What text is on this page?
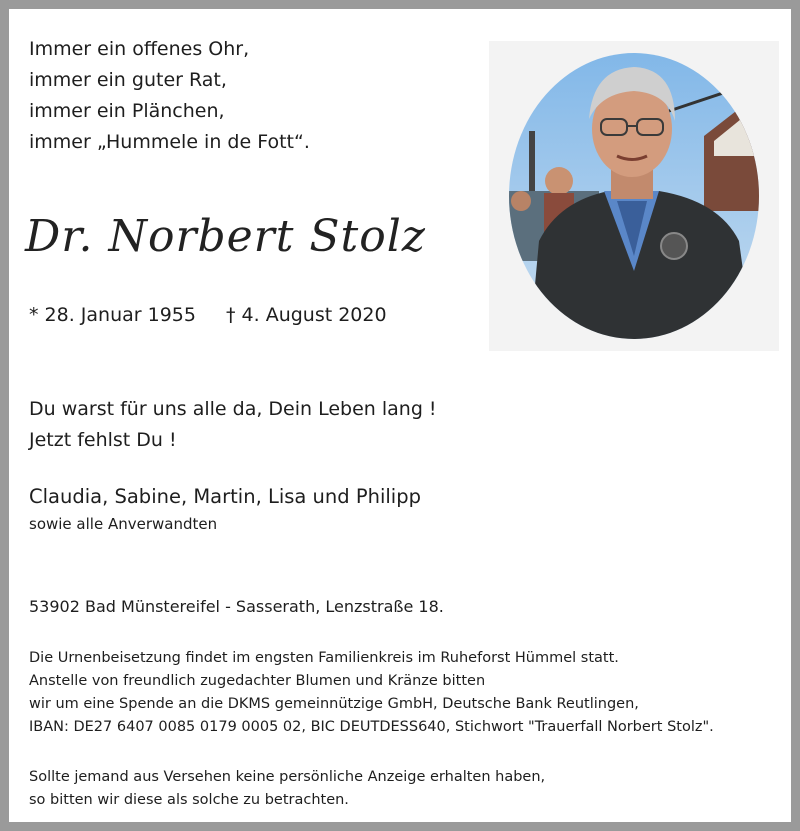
Immer ein offenes Ohr,
immer ein guter Rat,
immer ein Plänchen,
immer „Hummele in de Fott“.
Dr. Norbert Stolz
* 28. Januar 1955 † 4. August 2020
Du warst für uns alle da, Dein Leben lang !
Jetzt fehlst Du !
Claudia, Sabine, Martin, Lisa und Philipp
sowie alle Anverwandten
53902 Bad Münstereifel - Sasserath, Lenzstraße 18.
Die Urnenbeisetzung findet im engsten Familienkreis im Ruheforst Hümmel statt.
Anstelle von freundlich zugedachter Blumen und Kränze bitten
wir um eine Spende an die DKMS gemeinnützige GmbH, Deutsche Bank Reutlingen,
IBAN: DE27 6407 0085 0179 0005 02, BIC DEUTDESS640, Stichwort "Trauerfall Norbert Stolz".
Sollte jemand aus Versehen keine persönliche Anzeige erhalten haben,
so bitten wir diese als solche zu betrachten.
